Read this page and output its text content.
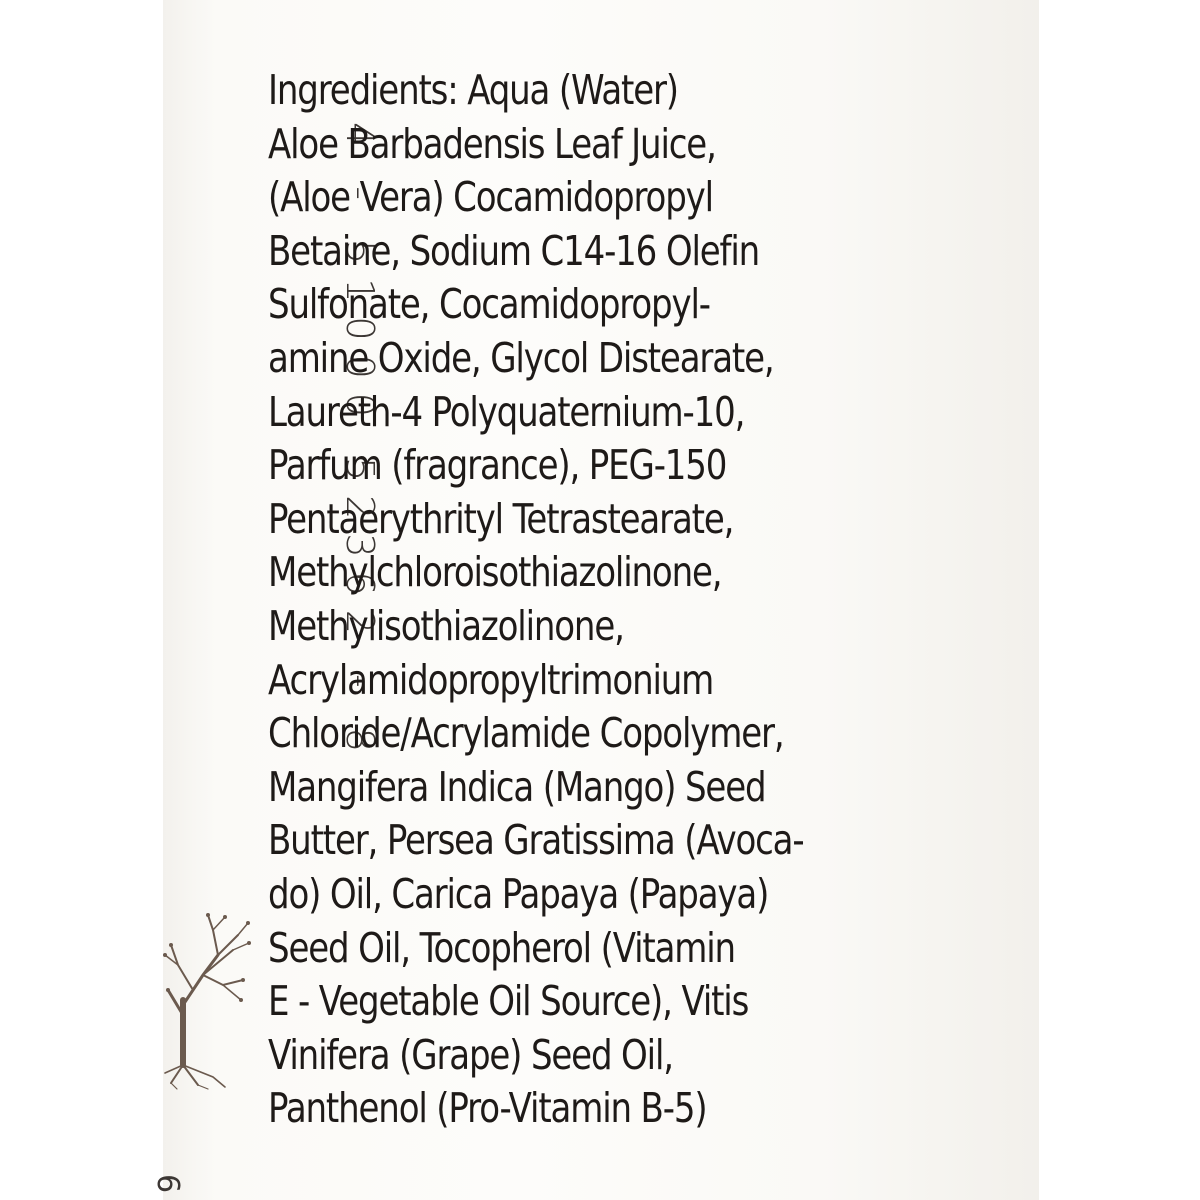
4 - 51000 52362 - 8
6
Ingredients: Aqua (Water)
Aloe Barbadensis Leaf Juice,
(Aloe Vera) Cocamidopropyl
Betaine, Sodium C14-16 Olefin
Sulfonate, Cocamidopropyl-
amine Oxide, Glycol Distearate,
Laureth-4 Polyquaternium-10,
Parfum (fragrance), PEG-150
Pentaerythrityl Tetrastearate,
Methylchloroisothiazolinone,
Methylisothiazolinone,
Acrylamidopropyltrimonium
Chloride/Acrylamide Copolymer,
Mangifera Indica (Mango) Seed
Butter, Persea Gratissima (Avoca-
do) Oil, Carica Papaya (Papaya)
Seed Oil, Tocopherol (Vitamin
E - Vegetable Oil Source), Vitis
Vinifera (Grape) Seed Oil,
Panthenol (Pro-Vitamin B-5)
